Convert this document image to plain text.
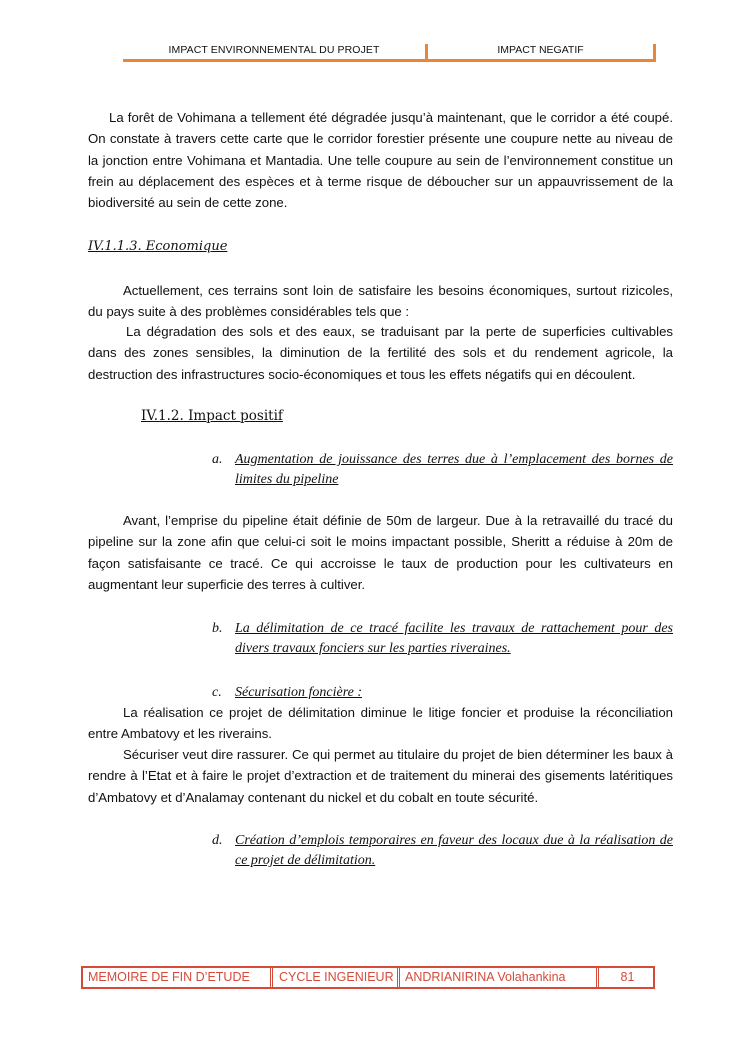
IMPACT ENVIRONNEMENTAL DU PROJET	IMPACT NEGATIF

La forêt de Vohimana a tellement été dégradée jusqu’à maintenant, que le corridor a été coupé. On constate à travers cette carte que le corridor forestier présente une coupure nette au niveau de la jonction entre Vohimana et Mantadia. Une telle coupure au sein de l’environnement constitue un frein au déplacement des espèces et à terme risque de déboucher sur un appauvrissement de la biodiversité au sein de cette zone.

IV.1.1.3. Economique

Actuellement, ces terrains sont loin de satisfaire les besoins économiques, surtout rizicoles, du pays suite à des problèmes considérables tels que :

La dégradation des sols et des eaux, se traduisant par la perte de superficies cultivables dans des zones sensibles, la diminution de la fertilité des sols et du rendement agricole, la destruction des infrastructures socio-économiques et tous les effets négatifs qui en découlent.

IV.1.2. Impact positif
a. Augmentation de jouissance des terres due à l’emplacement des bornes de limites du pipeline

Avant, l’emprise du pipeline était définie de 50m de largeur. Due à la retravaillé du tracé du pipeline sur la zone afin que celui-ci soit le moins impactant possible, Sheritt a réduise à 20m de façon satisfaisante ce tracé. Ce qui accroisse le taux de production pour les cultivateurs en augmentant leur superficie des terres à cultiver.

b. La délimitation de ce tracé facilite les travaux de rattachement pour des divers travaux fonciers sur les parties riveraines.
c. Sécurisation foncière :

La réalisation ce projet de délimitation diminue le litige foncier et produise la réconciliation entre Ambatovy et les riverains.

Sécuriser veut dire rassurer. Ce qui permet au titulaire du projet de bien déterminer les baux à rendre à l’Etat et à faire le projet d’extraction et de traitement du minerai des gisements latéritiques d’Ambatovy et d’Analamay contenant du nickel et du cobalt en toute sécurité.

d. Création d’emplois temporaires en faveur des locaux due à la réalisation de ce projet de délimitation.
MEMOIRE DE FIN D’ETUDE CYCLE INGENIEUR ANDRIANIRINA Volahankina	81
